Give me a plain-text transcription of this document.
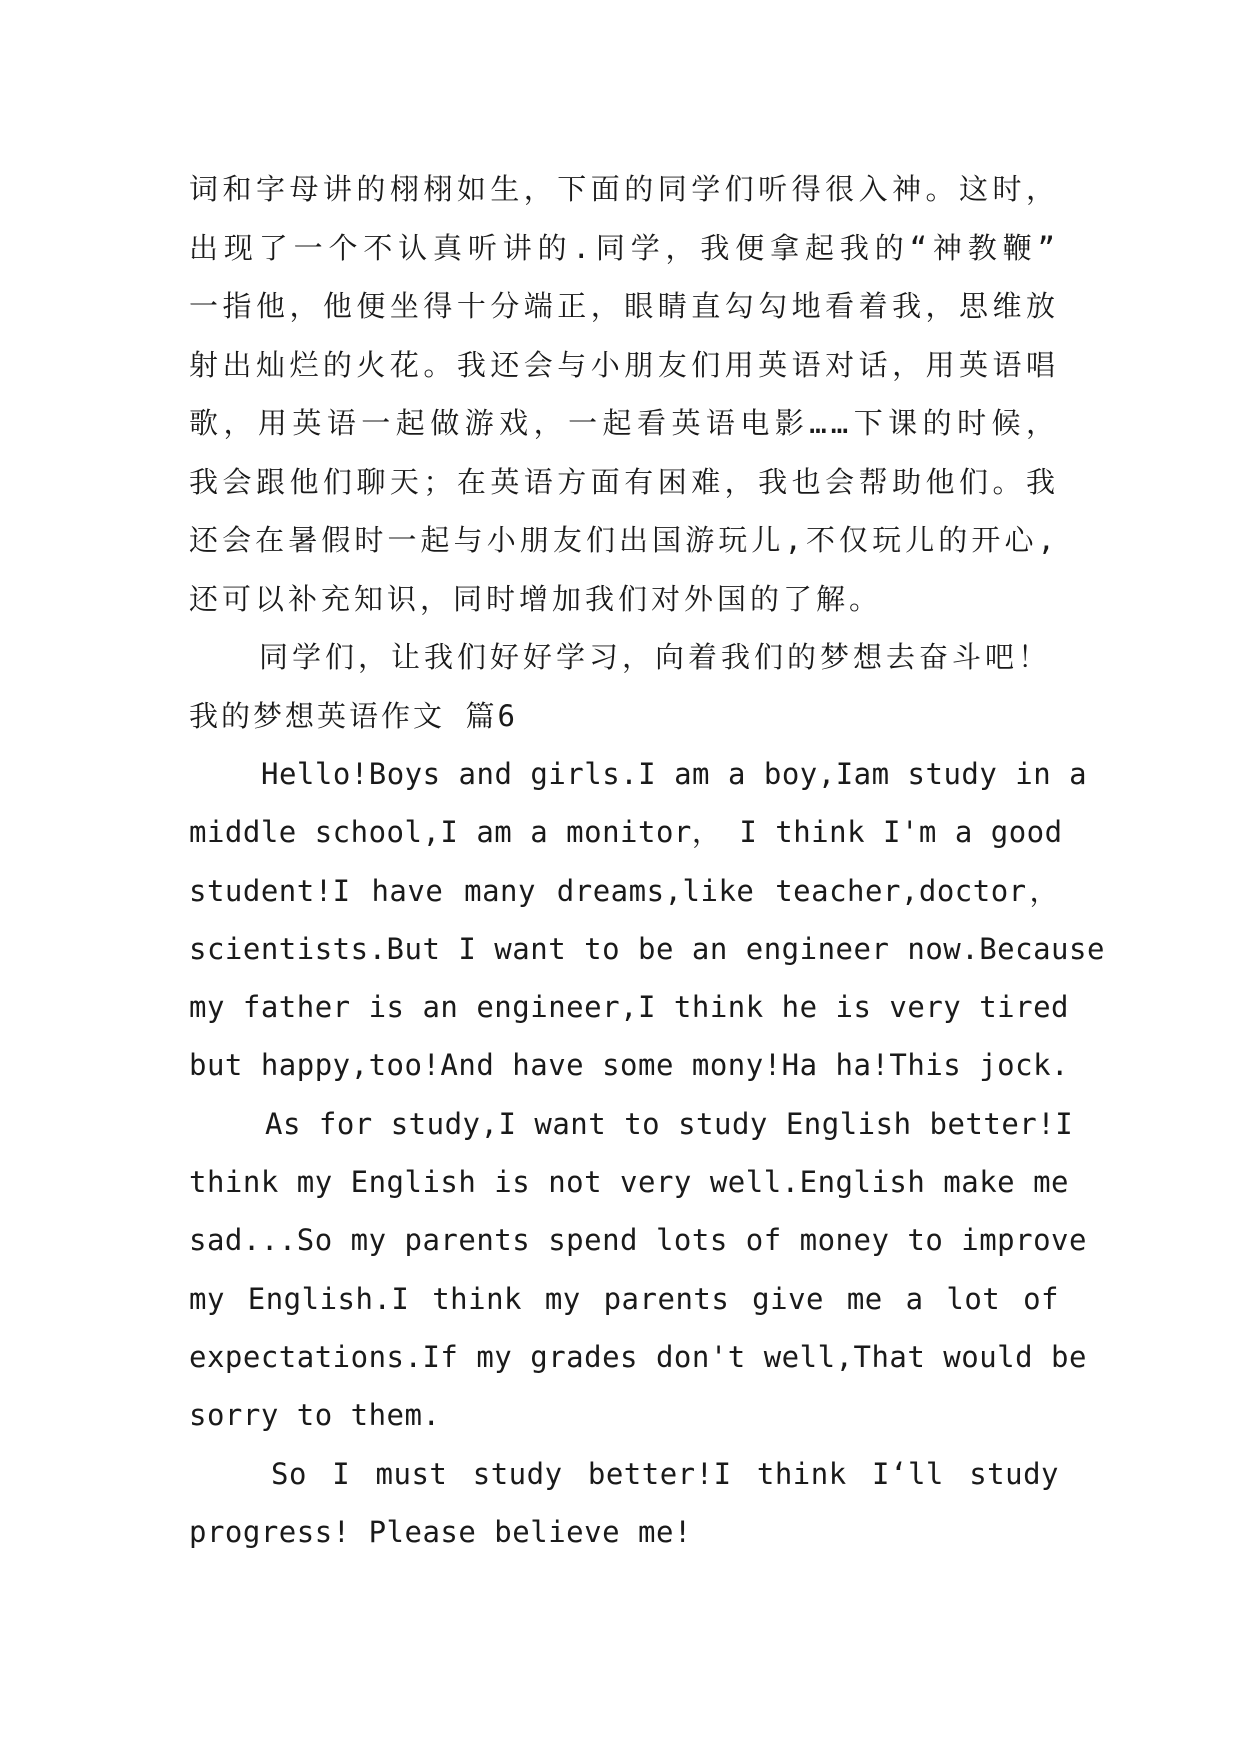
词和字母讲的栩栩如生，下面的同学们听得很入神。这时，

出现了一个不认真听讲的.同学，我便拿起我的“神教鞭”

一指他，他便坐得十分端正，眼睛直勾勾地看着我，思维放

射出灿烂的火花。我还会与小朋友们用英语对话，用英语唱

歌，用英语一起做游戏，一起看英语电影……下课的时候，

我会跟他们聊天；在英语方面有困难，我也会帮助他们。我

还会在暑假时一起与小朋友们出国游玩儿,不仅玩儿的开心,

还可以补充知识，同时增加我们对外国的了解。

同学们，让我们好好学习，向着我们的梦想去奋斗吧！

我的梦想英语作文 篇6

Hello!Boys and girls.I am a boy,Iam study in a

middle school,I am a monitor， I think I'm a good

student!I have many dreams,like teacher,doctor，

scientists.But I want to be an engineer now.Because

my father is an engineer,I think he is very tired

but happy,too!And have some mony!Ha ha!This jock.

As for study,I want to study English better!I

think my English is not very well.English make me

sad...So my parents spend lots of money to improve

my English.I think my parents give me a lot of

expectations.If my grades don't well,That would be

sorry to them.

So I must study better!I think I‘ll study

progress! Please believe me!
